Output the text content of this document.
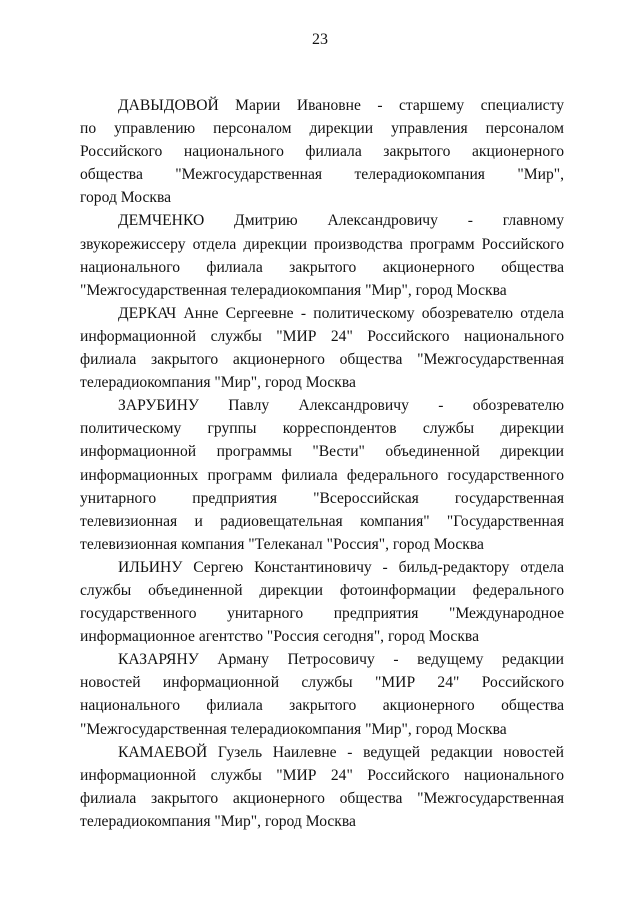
23
ДАВЫДОВОЙ Марии Ивановне - старшему специалисту
по управлению персоналом дирекции управления персоналом
Российского национального филиала закрытого акционерного
общества "Межгосударственная телерадиокомпания "Мир",
город Москва
ДЕМЧЕНКО Дмитрию Александровичу - главному
звукорежиссеру отдела дирекции производства программ Российского
национального филиала закрытого акционерного общества
"Межгосударственная телерадиокомпания "Мир", город Москва
ДЕРКАЧ Анне Сергеевне - политическому обозревателю отдела
информационной службы "МИР 24" Российского национального
филиала закрытого акционерного общества "Межгосударственная
телерадиокомпания "Мир", город Москва
ЗАРУБИНУ Павлу Александровичу - обозревателю
политическому группы корреспондентов службы дирекции
информационной программы "Вести" объединенной дирекции
информационных программ филиала федерального государственного
унитарного предприятия "Всероссийская государственная
телевизионная и радиовещательная компания" "Государственная
телевизионная компания "Телеканал "Россия", город Москва
ИЛЬИНУ Сергею Константиновичу - бильд-редактору отдела
службы объединенной дирекции фотоинформации федерального
государственного унитарного предприятия "Международное
информационное агентство "Россия сегодня", город Москва
КАЗАРЯНУ Арману Петросовичу - ведущему редакции
новостей информационной службы "МИР 24" Российского
национального филиала закрытого акционерного общества
"Межгосударственная телерадиокомпания "Мир", город Москва
КАМАЕВОЙ Гузель Наилевне - ведущей редакции новостей
информационной службы "МИР 24" Российского национального
филиала закрытого акционерного общества "Межгосударственная
телерадиокомпания "Мир", город Москва
